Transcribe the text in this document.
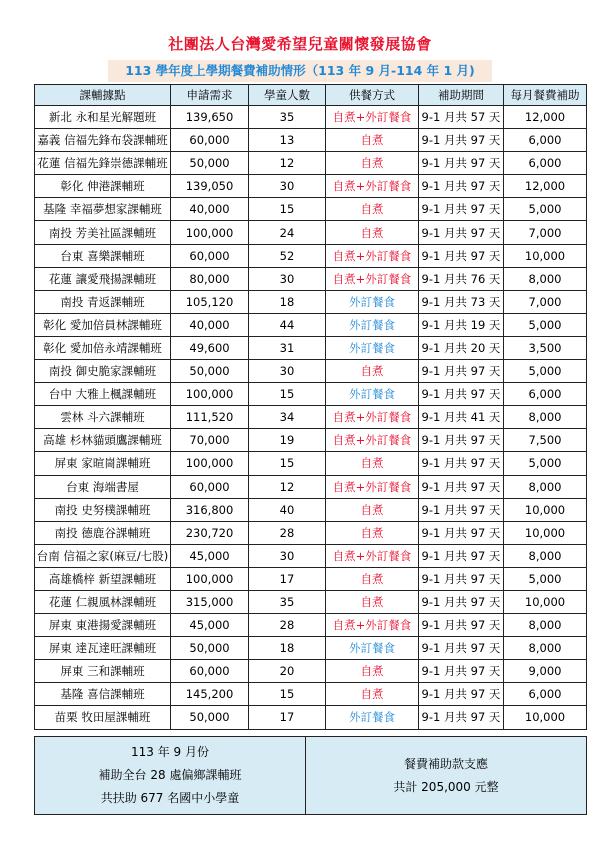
社團法人台灣愛希望兒童關懷發展協會
113 學年度上學期餐費補助情形（113 年 9 月-114 年 1 月)
課輔據點	申請需求	學童人數	供餐方式	補助期間	每月餐費補助
新北 永和星光解題班	139,650	35	自煮+外訂餐食	9-1 月共 57 天	12,000
嘉義 信福先鋒布袋課輔班	60,000	13	自煮	9-1 月共 97 天	6,000
花蓮 信福先鋒崇德課輔班	50,000	12	自煮	9-1 月共 97 天	6,000
彰化 伸港課輔班	139,050	30	自煮+外訂餐食	9-1 月共 97 天	12,000
基隆 幸福夢想家課輔班	40,000	15	自煮	9-1 月共 97 天	5,000
南投 芳美社區課輔班	100,000	24	自煮	9-1 月共 97 天	7,000
台東 喜樂課輔班	60,000	52	自煮+外訂餐食	9-1 月共 97 天	10,000
花蓮 讓愛飛揚課輔班	80,000	30	自煮+外訂餐食	9-1 月共 76 天	8,000
南投 青返課輔班	105,120	18	外訂餐食	9-1 月共 73 天	7,000
彰化 愛加倍員林課輔班	40,000	44	外訂餐食	9-1 月共 19 天	5,000
彰化 愛加倍永靖課輔班	49,600	31	外訂餐食	9-1 月共 20 天	3,500
南投 御史脆家課輔班	50,000	30	自煮	9-1 月共 97 天	5,000
台中 大雅上楓課輔班	100,000	15	外訂餐食	9-1 月共 97 天	6,000
雲林 斗六課輔班	111,520	34	自煮+外訂餐食	9-1 月共 41 天	8,000
高雄 杉林貓頭鷹課輔班	70,000	19	自煮+外訂餐食	9-1 月共 97 天	7,500
屏東 家暄崗課輔班	100,000	15	自煮	9-1 月共 97 天	5,000
台東 海端書屋	60,000	12	自煮+外訂餐食	9-1 月共 97 天	8,000
南投 史努樸課輔班	316,800	40	自煮	9-1 月共 97 天	10,000
南投 德鹿谷課輔班	230,720	28	自煮	9-1 月共 97 天	10,000
台南 信福之家(麻豆/七股)	45,000	30	自煮+外訂餐食	9-1 月共 97 天	8,000
高雄橋梓 新望課輔班	100,000	17	自煮	9-1 月共 97 天	5,000
花蓮 仁親風林課輔班	315,000	35	自煮	9-1 月共 97 天	10,000
屏東 東港揚愛課輔班	45,000	28	自煮+外訂餐食	9-1 月共 97 天	8,000
屏東 達瓦達旺課輔班	50,000	18	外訂餐食	9-1 月共 97 天	8,000
屏東 三和課輔班	60,000	20	自煮	9-1 月共 97 天	9,000
基隆 喜信課輔班	145,200	15	自煮	9-1 月共 97 天	6,000
苗栗 牧田屋課輔班	50,000	17	外訂餐食	9-1 月共 97 天	10,000
113 年 9 月份
補助全台 28 處偏鄉課輔班
共扶助 677 名國中小學童

餐費補助款支應
共計 205,000 元整
